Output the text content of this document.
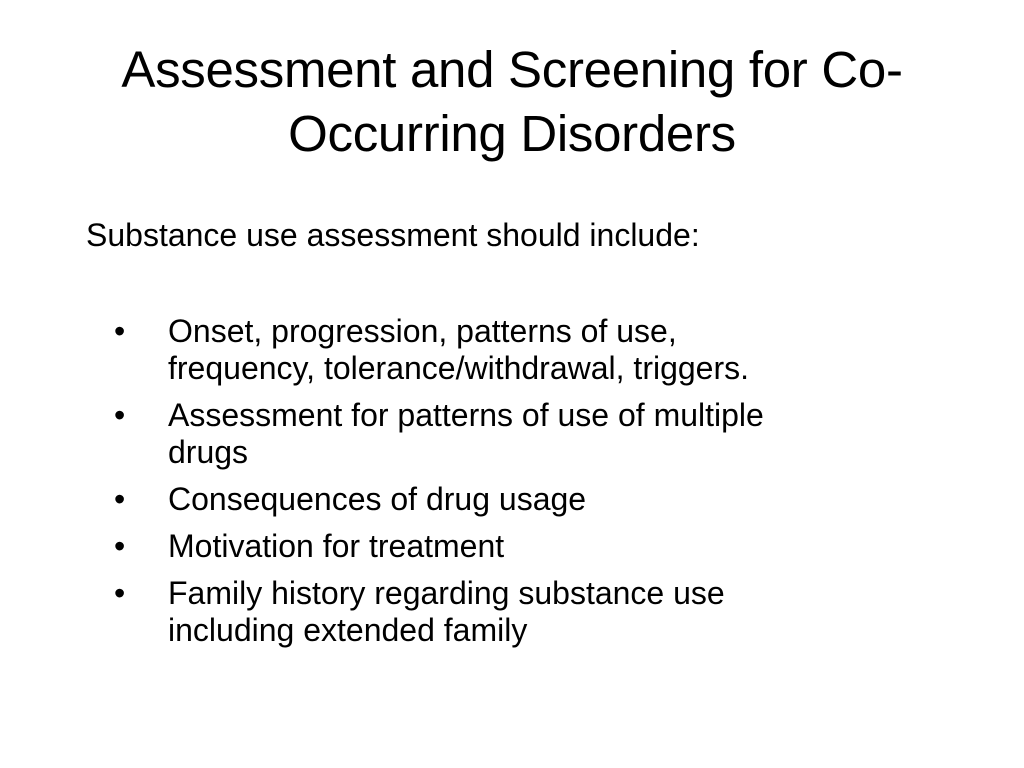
Assessment and Screening for Co-
Occurring Disorders

Substance use assessment should include:

• Onset, progression, patterns of use,
frequency, tolerance/withdrawal, triggers.
• Assessment for patterns of use of multiple
drugs
• Consequences of drug usage
• Motivation for treatment
• Family history regarding substance use
including extended family
